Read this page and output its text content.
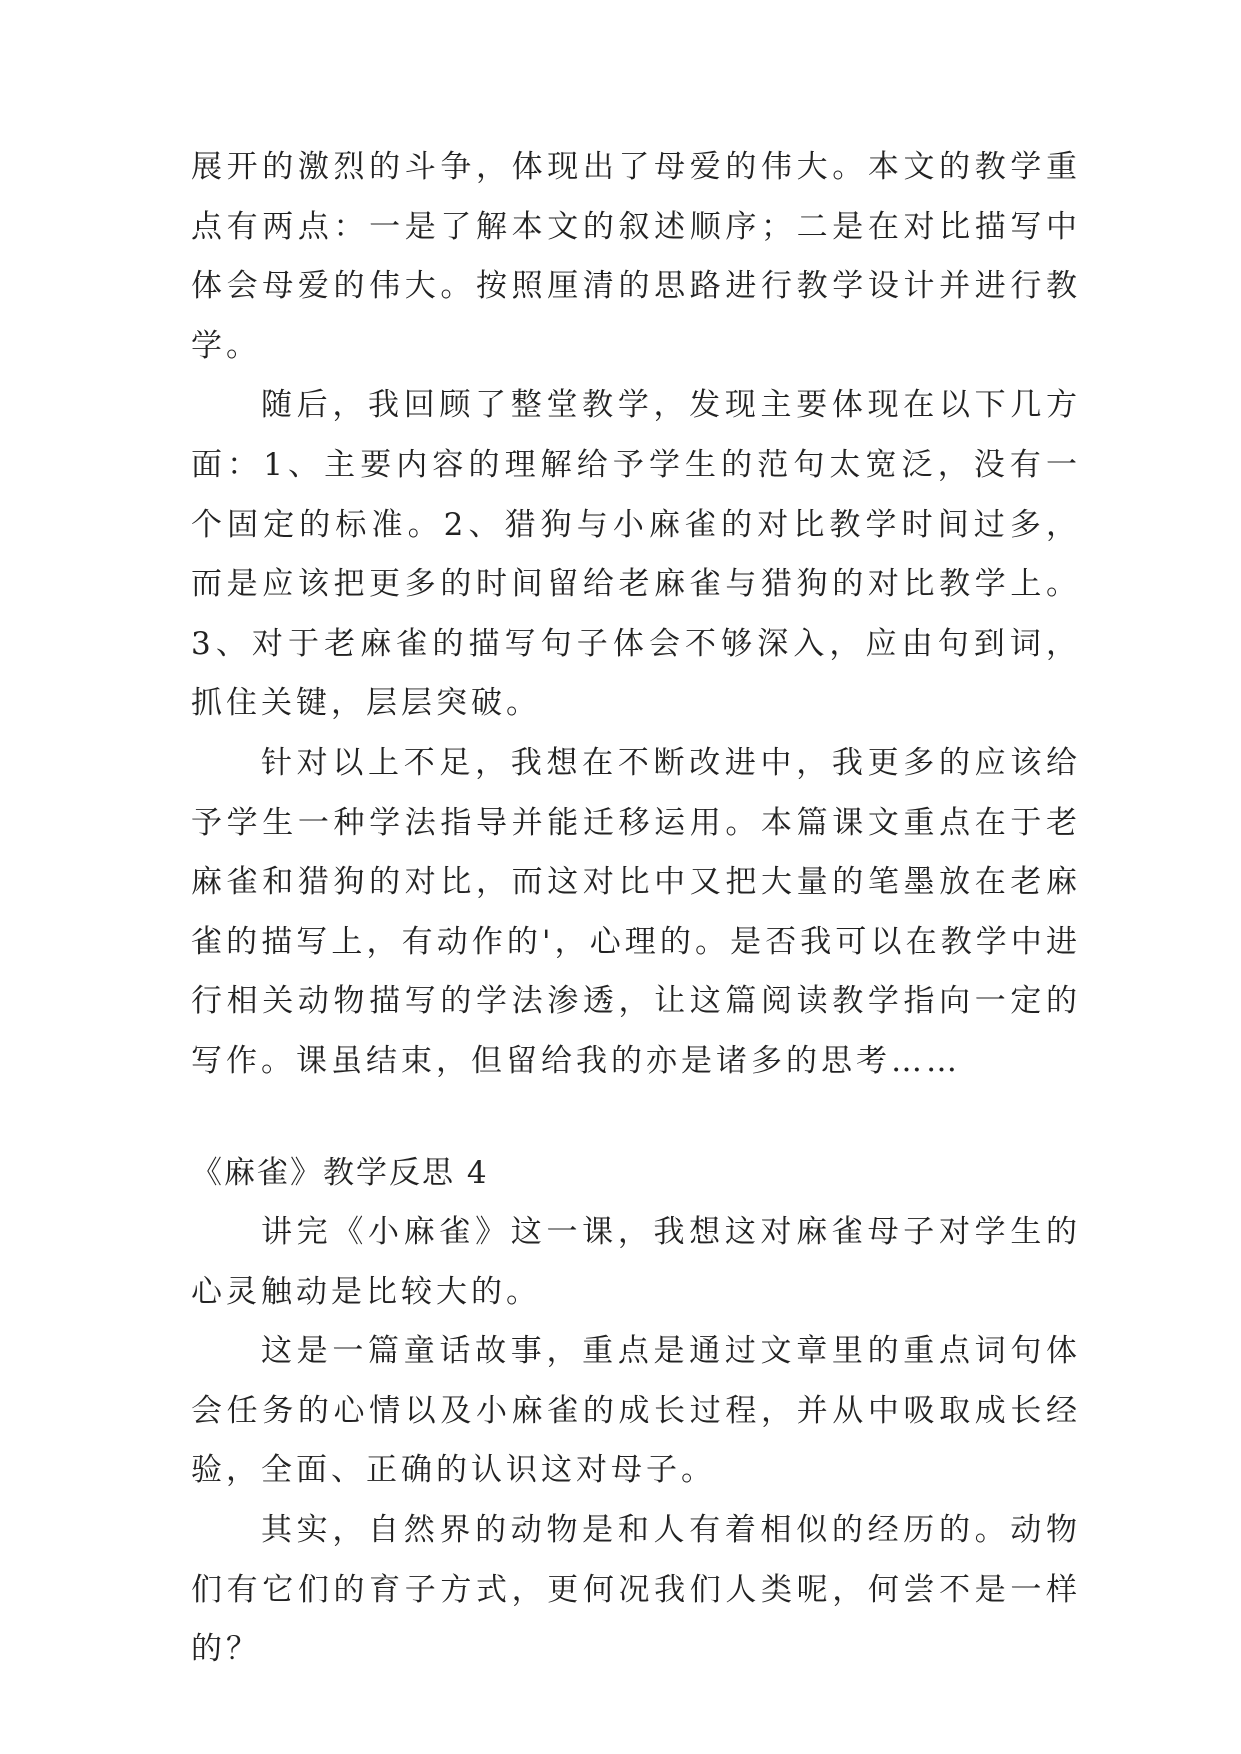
展开的激烈的斗争，体现出了母爱的伟大。本文的教学重点有两点：一是了解本文的叙述顺序；二是在对比描写中体会母爱的伟大。按照厘清的思路进行教学设计并进行教学。

随后，我回顾了整堂教学，发现主要体现在以下几方面：1、主要内容的理解给予学生的范句太宽泛，没有一个固定的标准。2、猎狗与小麻雀的对比教学时间过多，而是应该把更多的时间留给老麻雀与猎狗的对比教学上。3、对于老麻雀的描写句子体会不够深入，应由句到词，抓住关键，层层突破。

针对以上不足，我想在不断改进中，我更多的应该给予学生一种学法指导并能迁移运用。本篇课文重点在于老麻雀和猎狗的对比，而这对比中又把大量的笔墨放在老麻雀的描写上，有动作的'，心理的。是否我可以在教学中进行相关动物描写的学法渗透，让这篇阅读教学指向一定的写作。课虽结束，但留给我的亦是诸多的思考……

《麻雀》教学反思 4

讲完《小麻雀》这一课，我想这对麻雀母子对学生的心灵触动是比较大的。

这是一篇童话故事，重点是通过文章里的重点词句体会任务的心情以及小麻雀的成长过程，并从中吸取成长经验，全面、正确的认识这对母子。

其实，自然界的动物是和人有着相似的经历的。动物们有它们的育子方式，更何况我们人类呢，何尝不是一样的？
